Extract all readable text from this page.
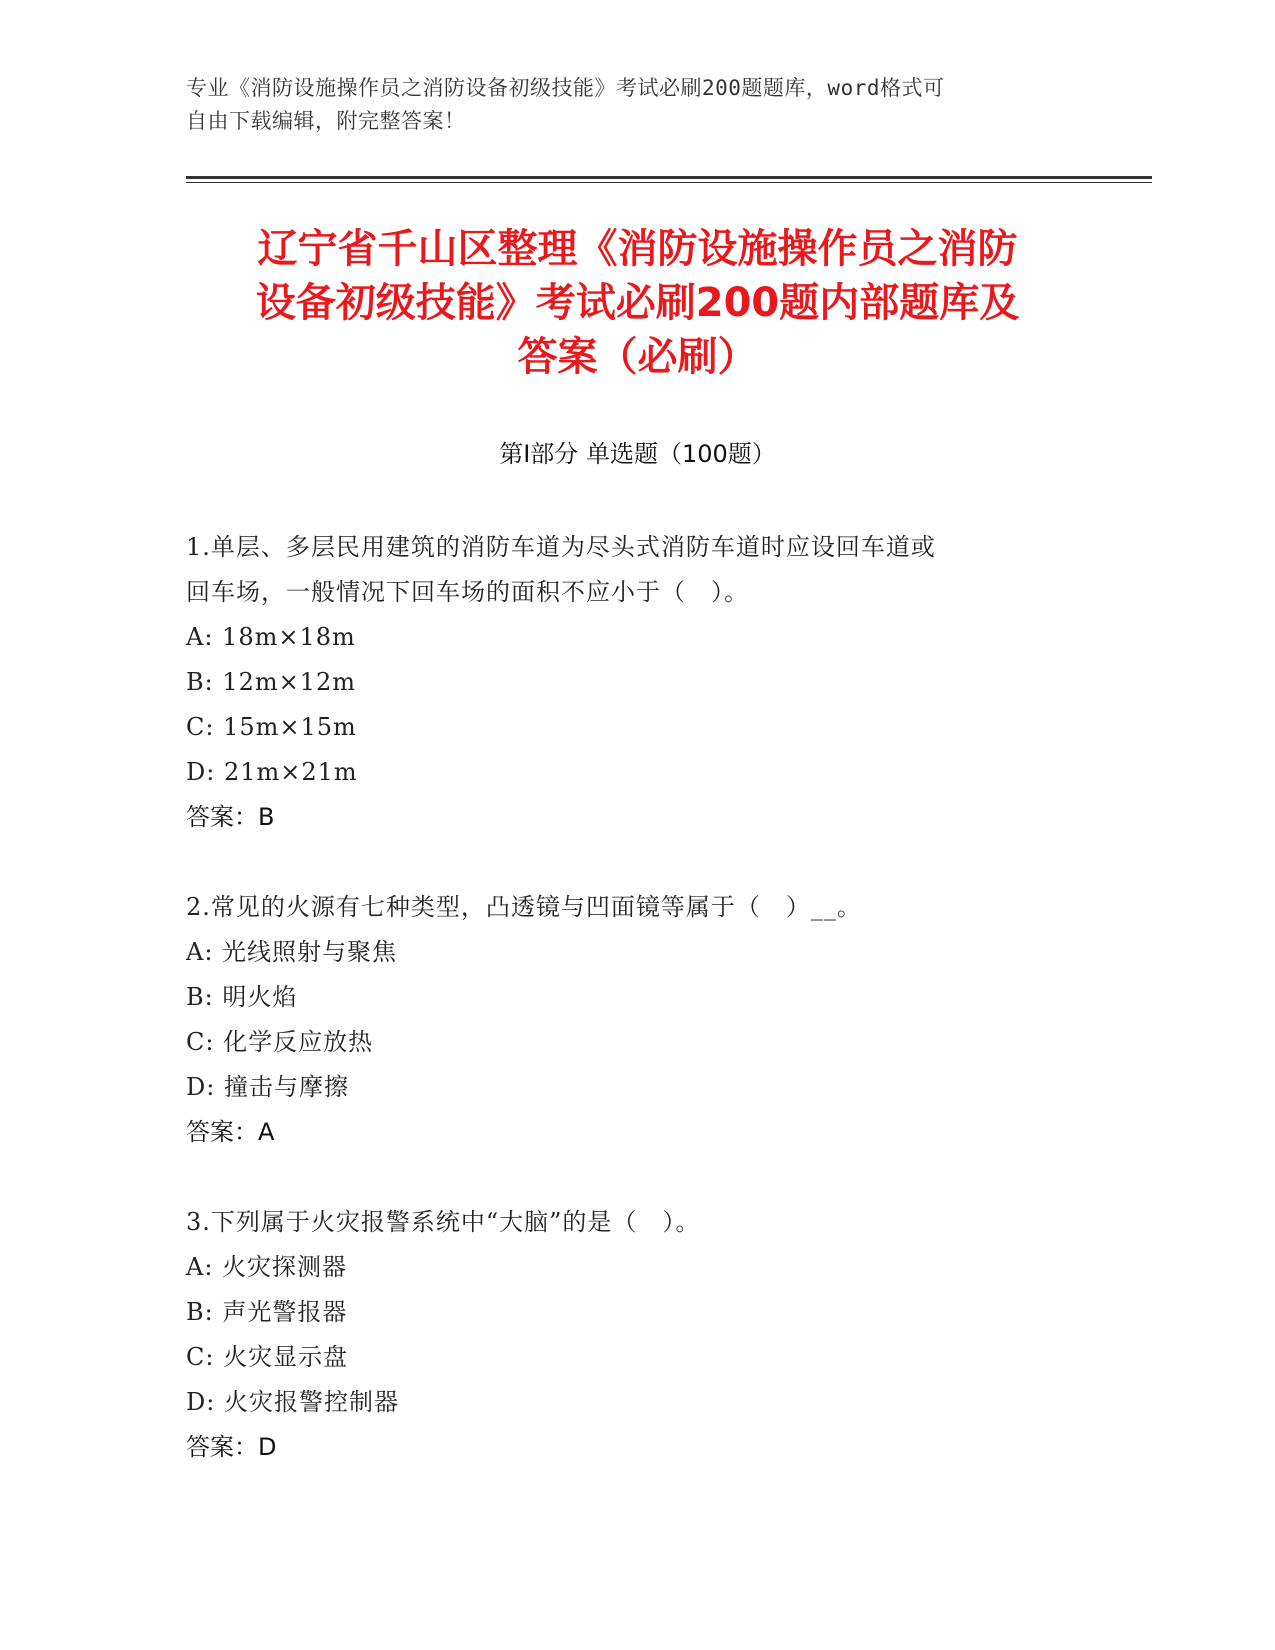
专业《消防设施操作员之消防设备初级技能》考试必刷200题题库，word格式可
自由下载编辑，附完整答案！
辽宁省千山区整理《消防设施操作员之消防
设备初级技能》考试必刷200题内部题库及
答案（必刷）
第Ⅰ部分 单选题（100题）

1.单层、多层民用建筑的消防车道为尽头式消防车道时应设回车道或

回车场，一般情况下回车场的面积不应小于（　）。

A: 18m×18m

B: 12m×12m

C: 15m×15m

D: 21m×21m

答案：B

2.常见的火源有七种类型，凸透镜与凹面镜等属于（　）__。

A: 光线照射与聚焦

B: 明火焰

C: 化学反应放热

D: 撞击与摩擦

答案：A

3.下列属于火灾报警系统中“大脑”的是（　）。

A: 火灾探测器

B: 声光警报器

C: 火灾显示盘

D: 火灾报警控制器

答案：D
